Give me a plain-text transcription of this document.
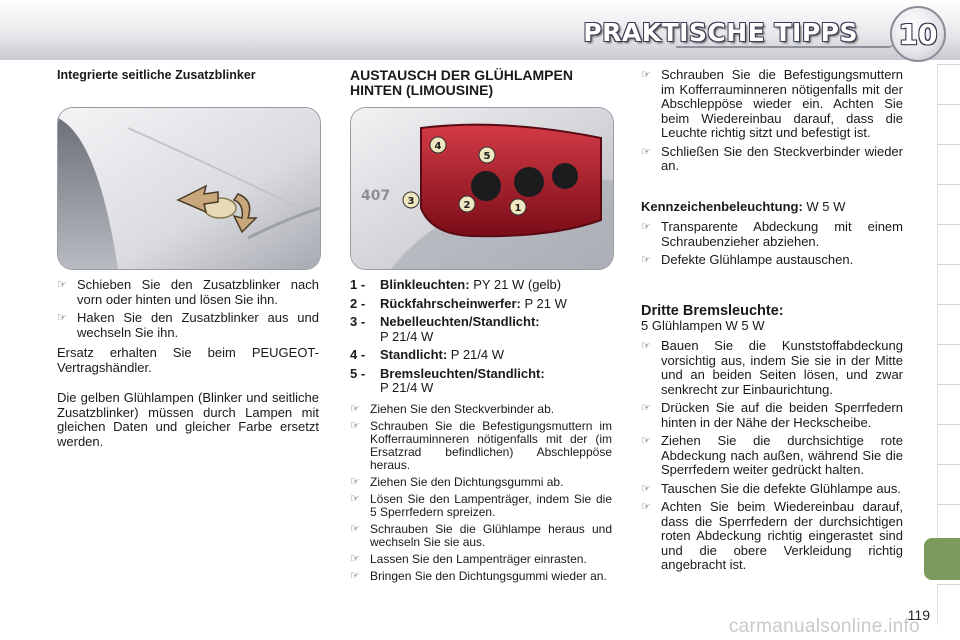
PRAKTISCHE TIPPS 10

Integrierte seitliche Zusatzblinker

☞ Schieben Sie den Zusatzblinker nach vorn oder hinten und lösen Sie ihn.
☞ Haken Sie den Zusatzblinker aus und wechseln Sie ihn.

Ersatz erhalten Sie beim PEUGEOT-Vertragshändler.

Die gelben Glühlampen (Blinker und seitliche Zusatzblinker) müssen durch Lampen mit gleichen Daten und gleicher Farbe ersetzt werden.

AUSTAUSCH DER GLÜHLAMPEN HINTEN (LIMOUSINE)

4
5
3	2	1
407
1 -	Blinkleuchten: PY 21 W (gelb)
2 -	Rückfahrscheinwerfer: P 21 W
3 -	Nebelleuchten/Standlicht:
P 21/4 W
4 -	Standlicht: P 21/4 W
5 -	Bremsleuchten/Standlicht:
P 21/4 W
☞ Ziehen Sie den Steckverbinder ab.
☞ Schrauben Sie die Befestigungsmuttern im Kofferrauminneren nötigenfalls mit der (im Ersatzrad befindlichen) Abschleppöse heraus.
☞ Ziehen Sie den Dichtungsgummi ab.
☞ Lösen Sie den Lampenträger, indem Sie die 5 Sperrfedern spreizen.
☞ Schrauben Sie die Glühlampe heraus und wechseln Sie sie aus.
☞ Lassen Sie den Lampenträger einrasten.
☞ Bringen Sie den Dichtungsgummi wieder an.
☞ Schrauben Sie die Befestigungsmuttern im Kofferrauminneren nötigenfalls mit der Abschleppöse wieder ein. Achten Sie beim Wiedereinbau darauf, dass die Leuchte richtig sitzt und befestigt ist.
☞ Schließen Sie den Steckverbinder wieder an.

Kennzeichenbeleuchtung: W 5 W

☞ Transparente Abdeckung mit einem Schraubenzieher abziehen.
☞ Defekte Glühlampe austauschen.

Dritte Bremsleuchte:

5 Glühlampen W 5 W

☞ Bauen Sie die Kunststoffabdeckung vorsichtig aus, indem Sie sie in der Mitte und an beiden Seiten lösen, und zwar senkrecht zur Einbaurichtung.
☞ Drücken Sie auf die beiden Sperrfedern hinten in der Nähe der Heckscheibe.
☞ Ziehen Sie die durchsichtige rote Abdeckung nach außen, während Sie die Sperrfedern weiter gedrückt halten.
☞ Tauschen Sie die defekte Glühlampe aus.
☞ Achten Sie beim Wiedereinbau darauf, dass die Sperrfedern der durchsichtigen roten Abdeckung richtig eingerastet sind und die obere Verkleidung richtig angebracht ist.
carmanualsonline.info
119
